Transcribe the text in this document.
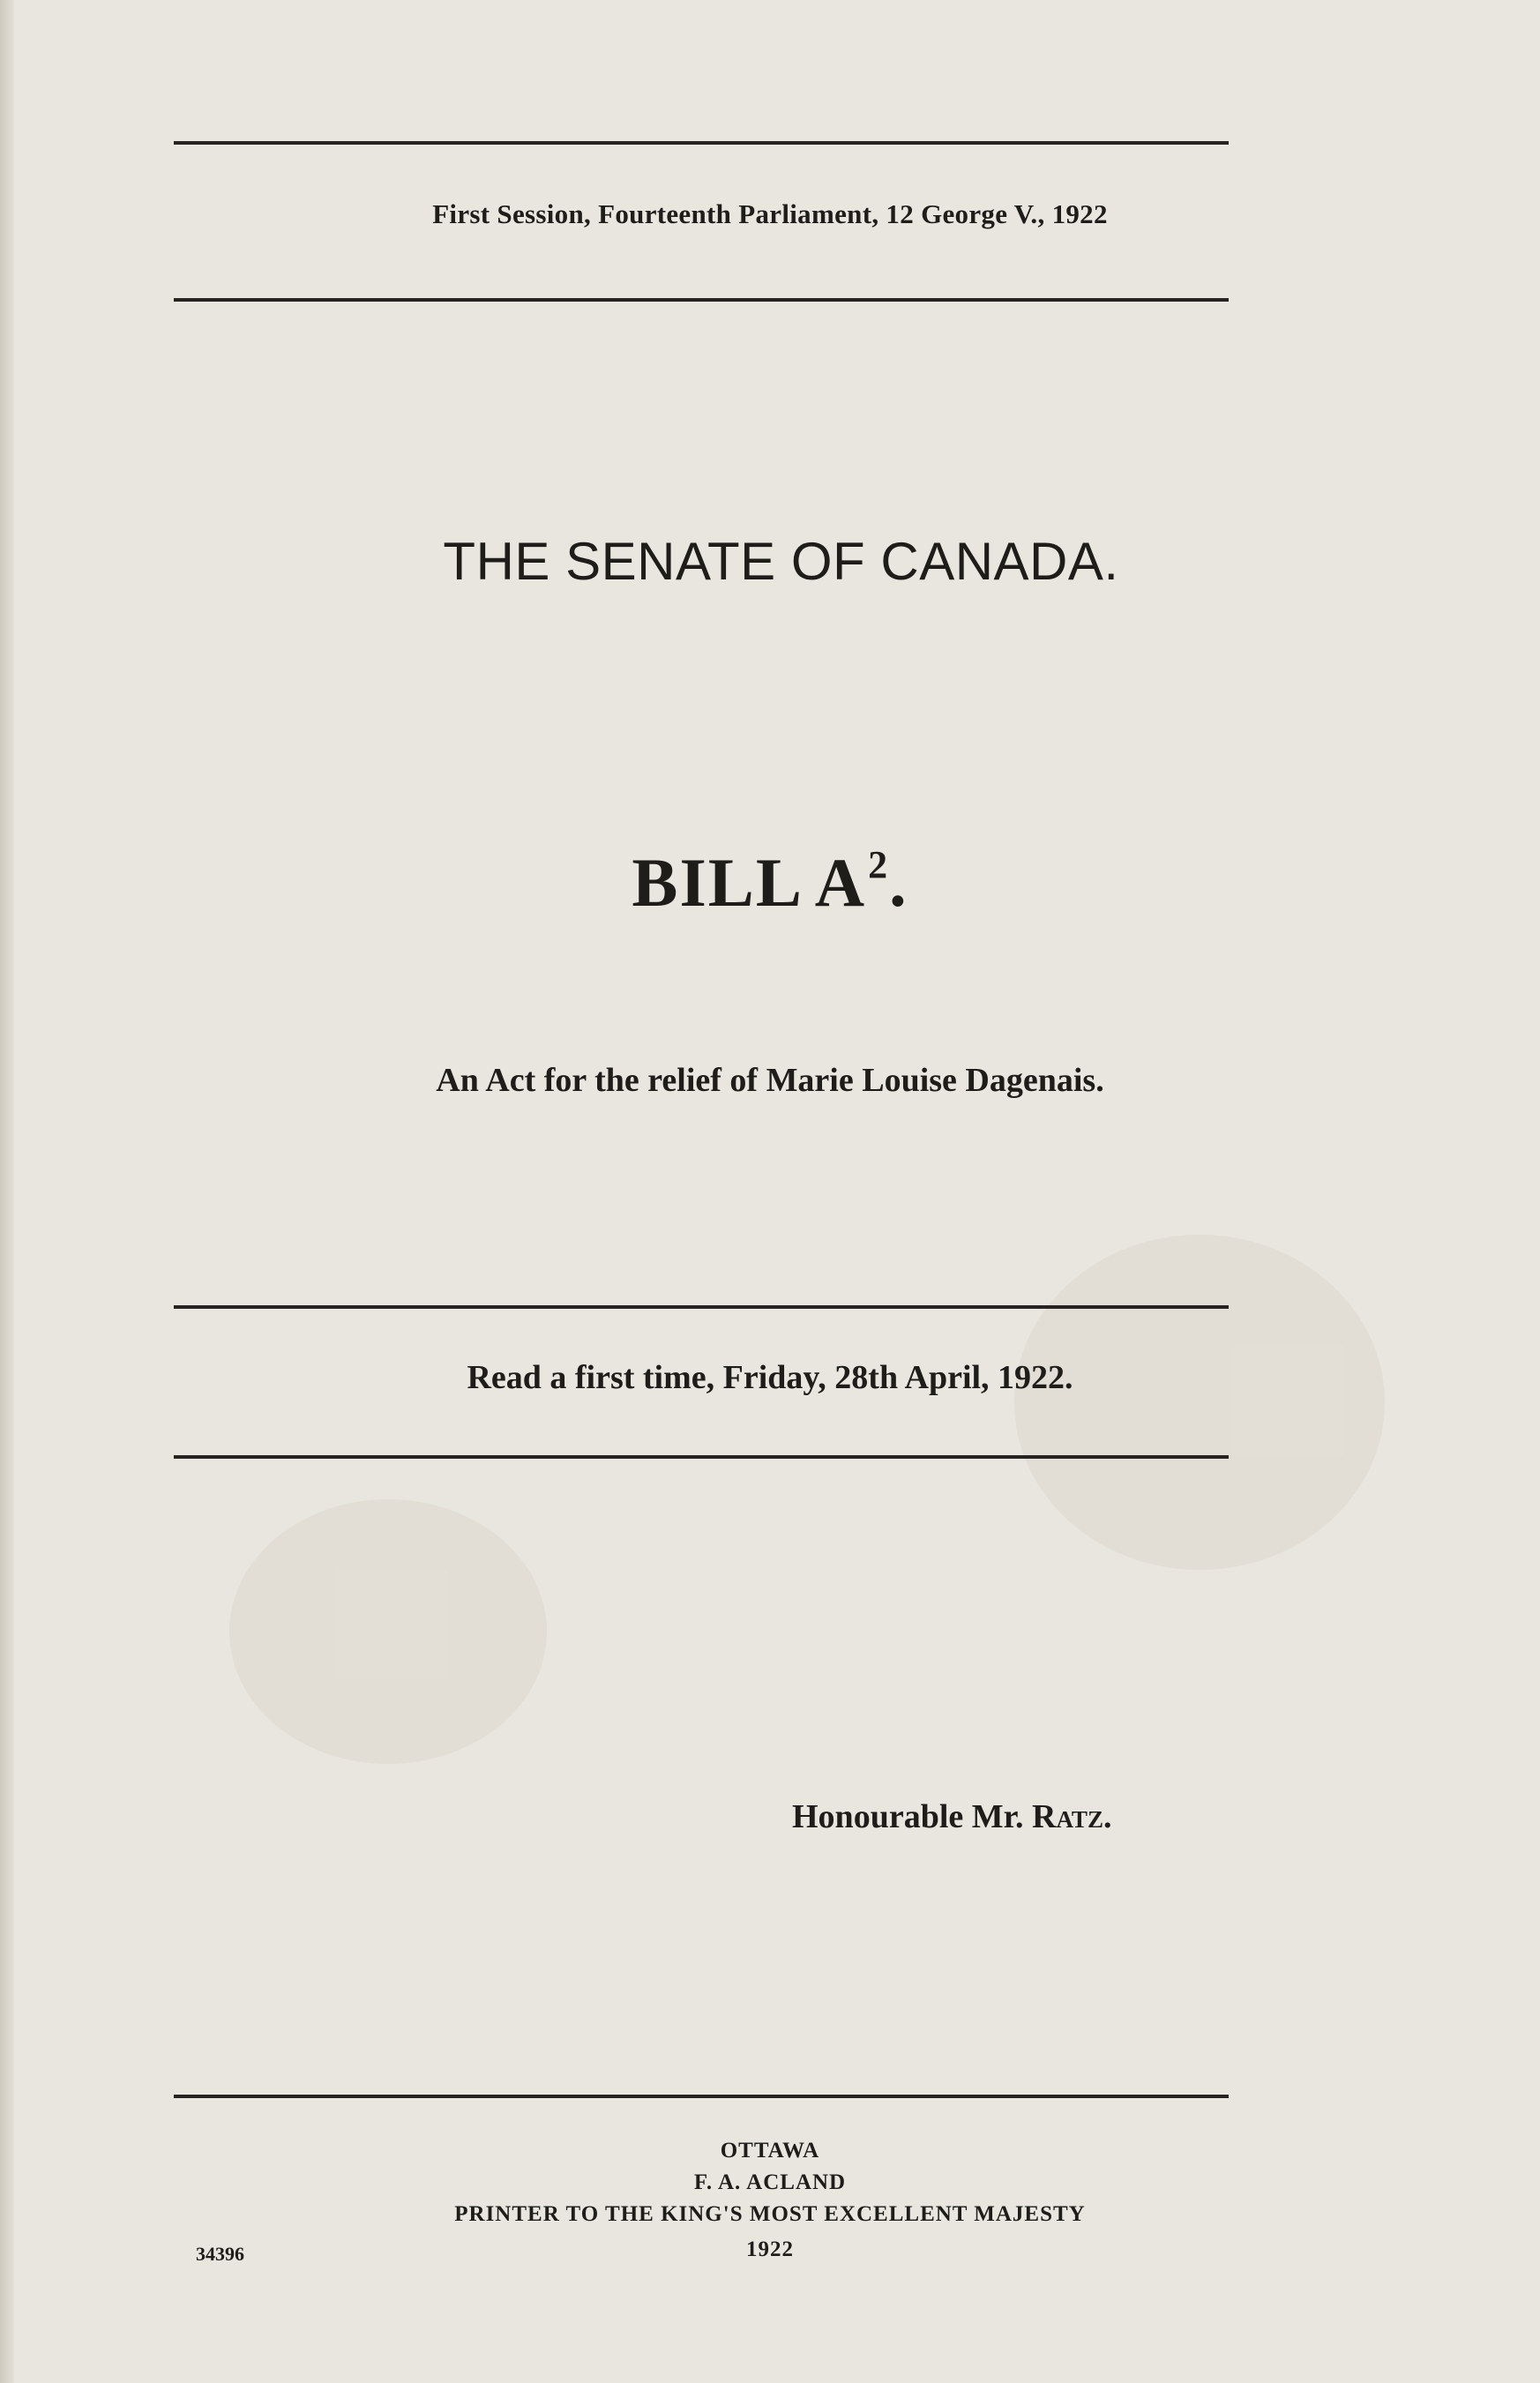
First Session, Fourteenth Parliament, 12 George V., 1922
THE SENATE OF CANADA.
BILL $A^2$.
An Act for the relief of Marie Louise Dagenais.
Read a first time, Friday, 28th April, 1922.
Honourable Mr. Ratz.
OTTAWA
F. A. ACLAND
PRINTER TO THE KING'S MOST EXCELLENT MAJESTY
1922
34396
